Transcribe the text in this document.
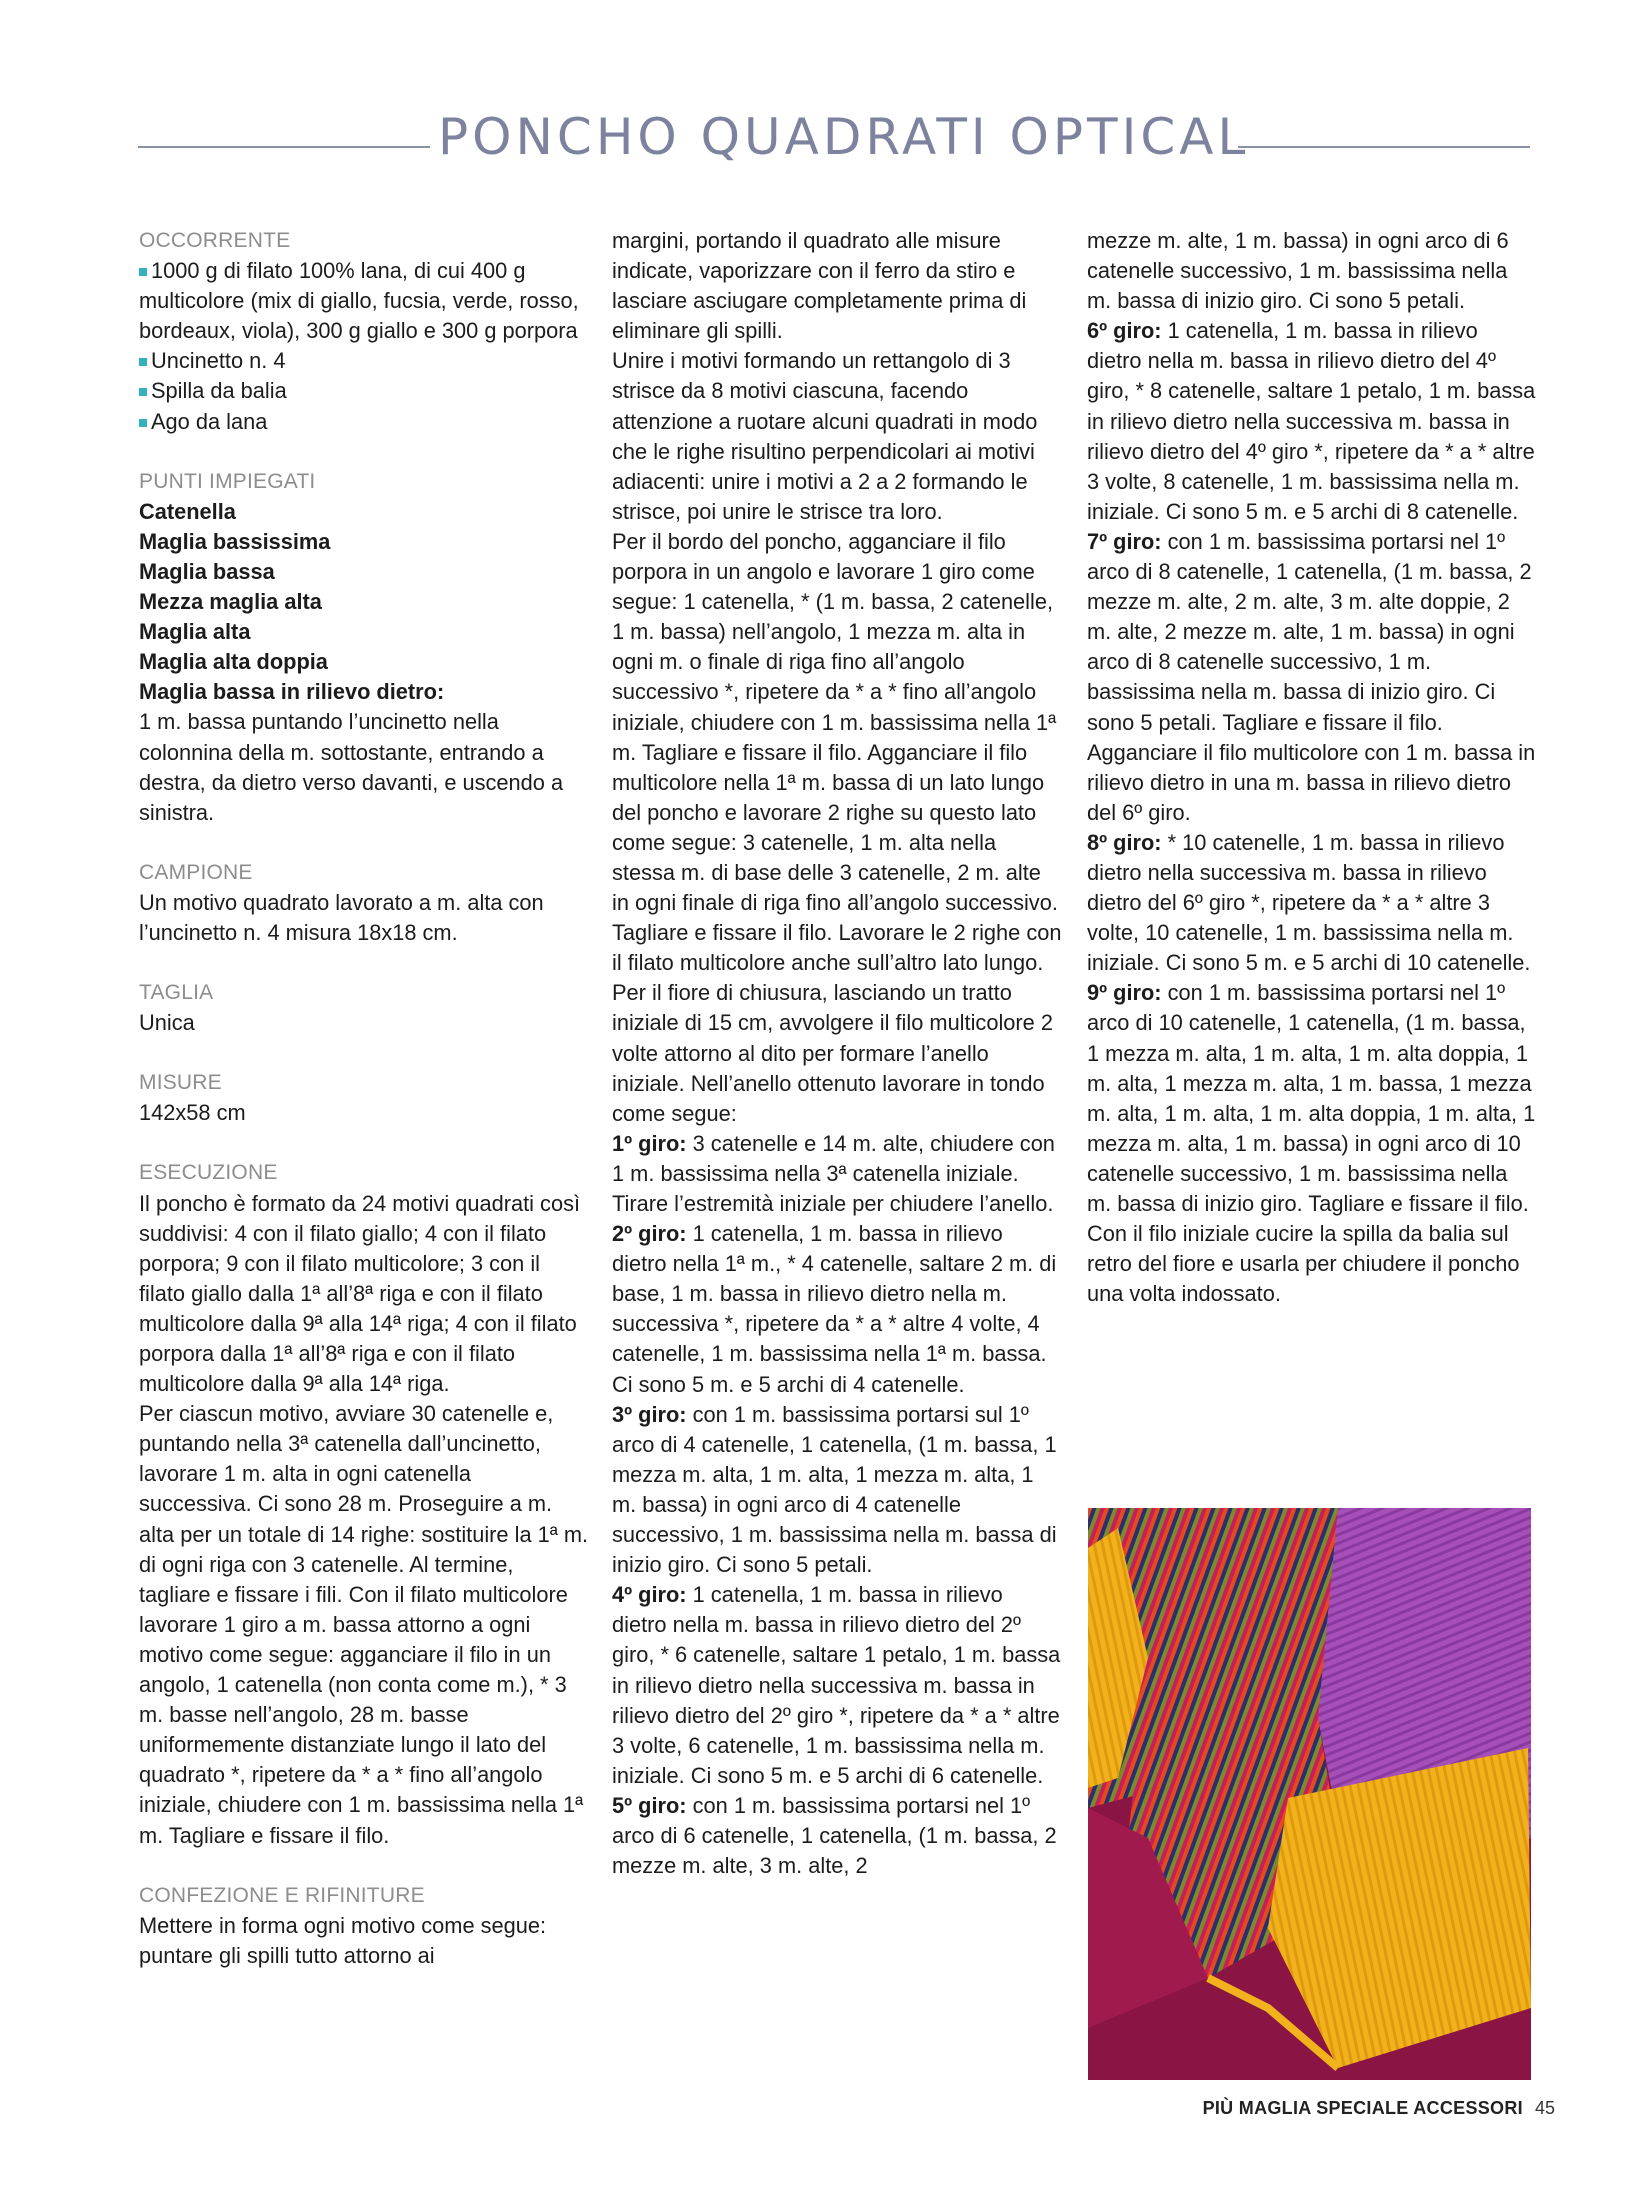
PONCHO QUADRATI OPTICAL

OCCORRENTE

1000 g di filato 100% lana, di cui 400 g multicolore (mix di giallo, fucsia, verde, rosso, bordeaux, viola), 300 g giallo e 300 g porpora

Uncinetto n. 4

Spilla da balia

Ago da lana

PUNTI IMPIEGATI

Catenella

Maglia bassissima

Maglia bassa

Mezza maglia alta

Maglia alta

Maglia alta doppia

Maglia bassa in rilievo dietro:

1 m. bassa puntando l’uncinetto nella colonnina della m. sottostante, entrando a destra, da dietro verso davanti, e uscendo a sinistra.

CAMPIONE

Un motivo quadrato lavorato a m. alta con l’uncinetto n. 4 misura 18x18 cm.

TAGLIA

Unica

MISURE

142x58 cm

ESECUZIONE

Il poncho è formato da 24 motivi quadrati così suddivisi: 4 con il filato giallo; 4 con il filato porpora; 9 con il filato multicolore; 3 con il filato giallo dalla 1ª all’8ª riga e con il filato multicolore dalla 9ª alla 14ª riga; 4 con il filato porpora dalla 1ª all’8ª riga e con il filato multicolore dalla 9ª alla 14ª riga.

Per ciascun motivo, avviare 30 catenelle e, puntando nella 3ª catenella dall’uncinetto, lavorare 1 m. alta in ogni catenella successiva. Ci sono 28 m. Proseguire a m. alta per un totale di 14 righe: sostituire la 1ª m. di ogni riga con 3 catenelle. Al termine, tagliare e fissare i fili. Con il filato multicolore lavorare 1 giro a m. bassa attorno a ogni motivo come segue: agganciare il filo in un angolo, 1 catenella (non conta come m.), * 3 m. basse nell’angolo, 28 m. basse uniformemente distanziate lungo il lato del quadrato *, ripetere da * a * fino all’angolo iniziale, chiudere con 1 m. bassissima nella 1ª m. Tagliare e fissare il filo.

CONFEZIONE E RIFINITURE

Mettere in forma ogni motivo come segue: puntare gli spilli tutto attorno ai

margini, portando il quadrato alle misure indicate, vaporizzare con il ferro da stiro e lasciare asciugare completamente prima di eliminare gli spilli.

Unire i motivi formando un rettangolo di 3 strisce da 8 motivi ciascuna, facendo attenzione a ruotare alcuni quadrati in modo che le righe risultino perpendicolari ai motivi adiacenti: unire i motivi a 2 a 2 formando le strisce, poi unire le strisce tra loro.

Per il bordo del poncho, agganciare il filo porpora in un angolo e lavorare 1 giro come segue: 1 catenella, * (1 m. bassa, 2 catenelle, 1 m. bassa) nell’angolo, 1 mezza m. alta in ogni m. o finale di riga fino all’angolo successivo *, ripetere da * a * fino all’angolo iniziale, chiudere con 1 m. bassissima nella 1ª m. Tagliare e fissare il filo. Agganciare il filo multicolore nella 1ª m. bassa di un lato lungo del poncho e lavorare 2 righe su questo lato come segue: 3 catenelle, 1 m. alta nella stessa m. di base delle 3 catenelle, 2 m. alte in ogni finale di riga fino all’angolo successivo. Tagliare e fissare il filo. Lavorare le 2 righe con il filato multicolore anche sull’altro lato lungo.

Per il fiore di chiusura, lasciando un tratto iniziale di 15 cm, avvolgere il filo multicolore 2 volte attorno al dito per formare l’anello iniziale. Nell’anello ottenuto lavorare in tondo come segue:

1º giro: 3 catenelle e 14 m. alte, chiudere con 1 m. bassissima nella 3ª catenella iniziale. Tirare l’estremità iniziale per chiudere l’anello.

2º giro: 1 catenella, 1 m. bassa in rilievo dietro nella 1ª m., * 4 catenelle, saltare 2 m. di base, 1 m. bassa in rilievo dietro nella m. successiva *, ripetere da * a * altre 4 volte, 4 catenelle, 1 m. bassissima nella 1ª m. bassa. Ci sono 5 m. e 5 archi di 4 catenelle.

3º giro: con 1 m. bassissima portarsi sul 1º arco di 4 catenelle, 1 catenella, (1 m. bassa, 1 mezza m. alta, 1 m. alta, 1 mezza m. alta, 1 m. bassa) in ogni arco di 4 catenelle successivo, 1 m. bassissima nella m. bassa di inizio giro. Ci sono 5 petali.

4º giro: 1 catenella, 1 m. bassa in rilievo dietro nella m. bassa in rilievo dietro del 2º giro, * 6 catenelle, saltare 1 petalo, 1 m. bassa in rilievo dietro nella successiva m. bassa in rilievo dietro del 2º giro *, ripetere da * a * altre 3 volte, 6 catenelle, 1 m. bassissima nella m. iniziale. Ci sono 5 m. e 5 archi di 6 catenelle.

5º giro: con 1 m. bassissima portarsi nel 1º arco di 6 catenelle, 1 catenella, (1 m. bassa, 2 mezze m. alte, 3 m. alte, 2

mezze m. alte, 1 m. bassa) in ogni arco di 6 catenelle successivo, 1 m. bassissima nella m. bassa di inizio giro. Ci sono 5 petali.

6º giro: 1 catenella, 1 m. bassa in rilievo dietro nella m. bassa in rilievo dietro del 4º giro, * 8 catenelle, saltare 1 petalo, 1 m. bassa in rilievo dietro nella successiva m. bassa in rilievo dietro del 4º giro *, ripetere da * a * altre 3 volte, 8 catenelle, 1 m. bassissima nella m. iniziale. Ci sono 5 m. e 5 archi di 8 catenelle.

7º giro: con 1 m. bassissima portarsi nel 1º arco di 8 catenelle, 1 catenella, (1 m. bassa, 2 mezze m. alte, 2 m. alte, 3 m. alte doppie, 2 m. alte, 2 mezze m. alte, 1 m. bassa) in ogni arco di 8 catenelle successivo, 1 m. bassissima nella m. bassa di inizio giro. Ci sono 5 petali. Tagliare e fissare il filo.

Agganciare il filo multicolore con 1 m. bassa in rilievo dietro in una m. bassa in rilievo dietro del 6º giro.

8º giro: * 10 catenelle, 1 m. bassa in rilievo dietro nella successiva m. bassa in rilievo dietro del 6º giro *, ripetere da * a * altre 3 volte, 10 catenelle, 1 m. bassissima nella m. iniziale. Ci sono 5 m. e 5 archi di 10 catenelle.

9º giro: con 1 m. bassissima portarsi nel 1º arco di 10 catenelle, 1 catenella, (1 m. bassa, 1 mezza m. alta, 1 m. alta, 1 m. alta doppia, 1 m. alta, 1 mezza m. alta, 1 m. bassa, 1 mezza m. alta, 1 m. alta, 1 m. alta doppia, 1 m. alta, 1 mezza m. alta, 1 m. bassa) in ogni arco di 10 catenelle successivo, 1 m. bassissima nella m. bassa di inizio giro. Tagliare e fissare il filo. Con il filo iniziale cucire la spilla da balia sul retro del fiore e usarla per chiudere il poncho una volta indossato.

PIÙ MAGLIA SPECIALE ACCESSORI 45
